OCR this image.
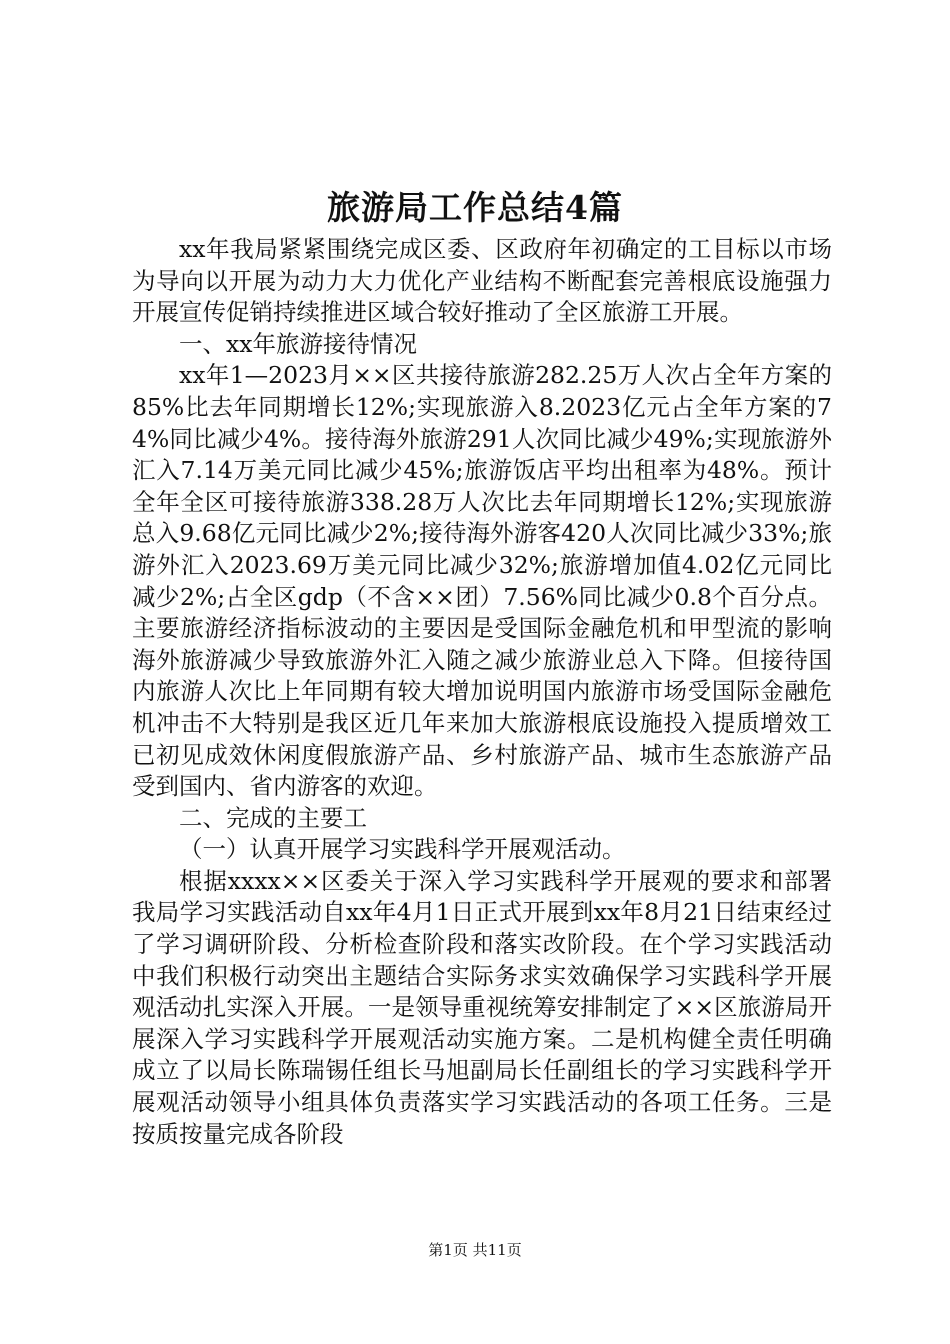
旅游局工作总结4篇

xx年我局紧紧围绕完成区委、区政府年初确定的工目标以市场为导向以开展为动力大力优化产业结构不断配套完善根底设施强力开展宣传促销持续推进区域合较好推动了全区旅游工开展。

一、xx年旅游接待情况

xx年1—2023月××区共接待旅游282.25万人次占全年方案的85%比去年同期增长12%;实现旅游入8.2023亿元占全年方案的74%同比减少4%。接待海外旅游291人次同比减少49%;实现旅游外汇入7.14万美元同比减少45%;旅游饭店平均出租率为48%。预计全年全区可接待旅游338.28万人次比去年同期增长12%;实现旅游总入9.68亿元同比减少2%;接待海外游客420人次同比减少33%;旅游外汇入2023.69万美元同比减少32%;旅游增加值4.02亿元同比减少2%;占全区gdp（不含××团）7.56%同比减少0.8个百分点。主要旅游经济指标波动的主要因是受国际金融危机和甲型流的影响海外旅游减少导致旅游外汇入随之减少旅游业总入下降。但接待国内旅游人次比上年同期有较大增加说明国内旅游市场受国际金融危机冲击不大特别是我区近几年来加大旅游根底设施投入提质增效工已初见成效休闲度假旅游产品、乡村旅游产品、城市生态旅游产品受到国内、省内游客的欢迎。

二、完成的主要工

（一）认真开展学习实践科学开展观活动。

根据xxxx××区委关于深入学习实践科学开展观的要求和部署我局学习实践活动自xx年4月1日正式开展到xx年8月21日结束经过了学习调研阶段、分析检查阶段和落实改阶段。在个学习实践活动中我们积极行动突出主题结合实际务求实效确保学习实践科学开展观活动扎实深入开展。一是领导重视统筹安排制定了××区旅游局开展深入学习实践科学开展观活动实施方案。二是机构健全责任明确成立了以局长陈瑞锡任组长马旭副局长任副组长的学习实践科学开展观活动领导小组具体负责落实学习实践活动的各项工任务。三是按质按量完成各阶段

第1页 共11页
